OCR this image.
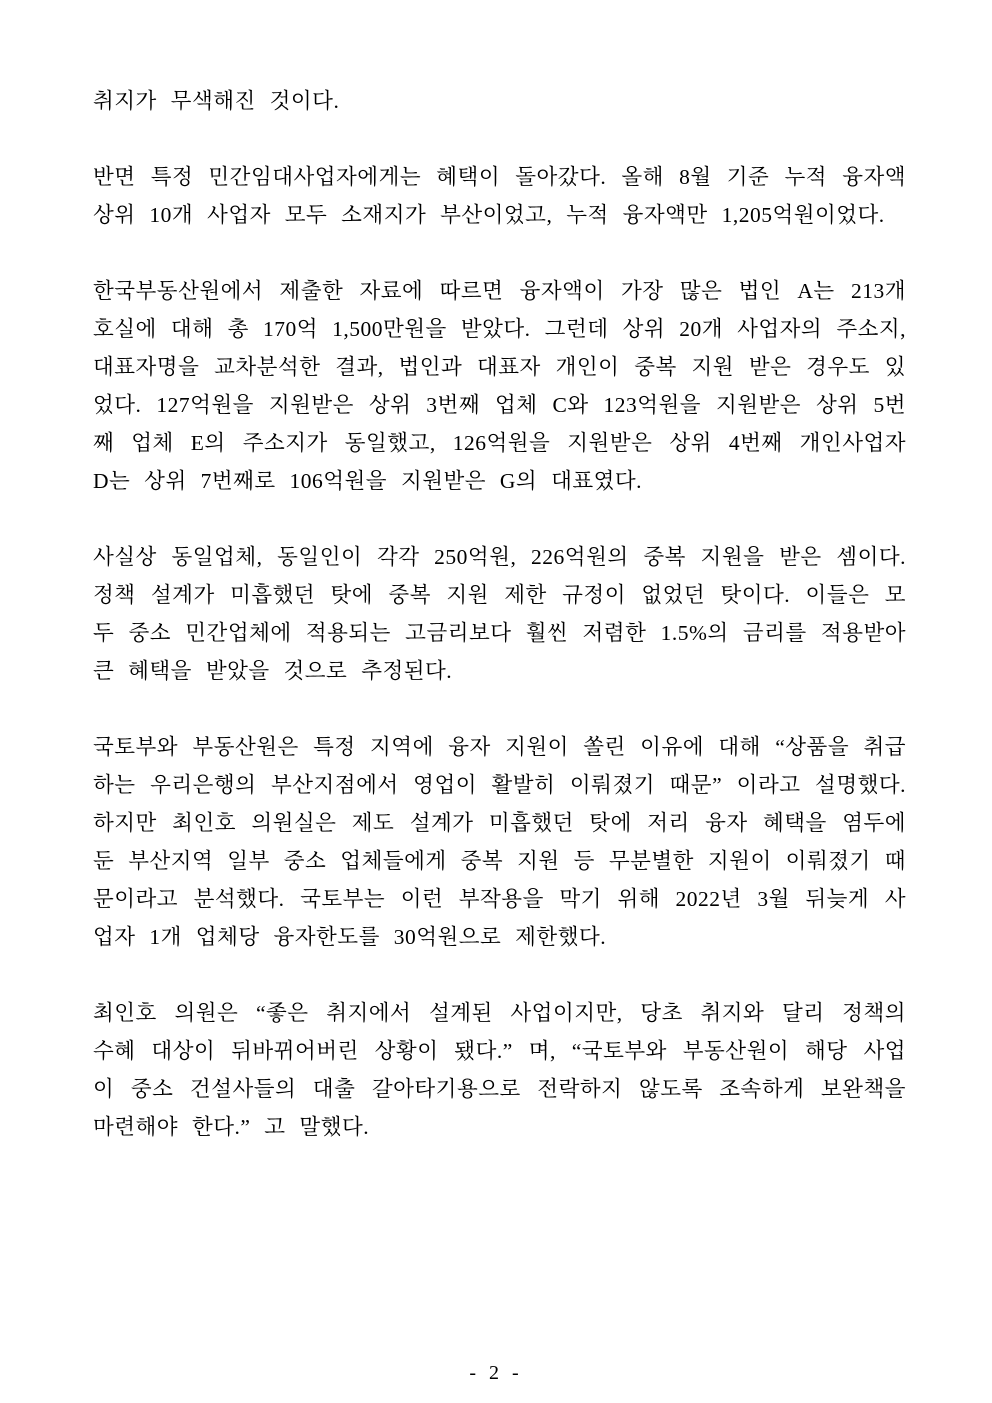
취지가 무색해진 것이다.

반면 특정 민간임대사업자에게는 혜택이 돌아갔다. 올해 8월 기준 누적 융자액 상위 10개 사업자 모두 소재지가 부산이었고, 누적 융자액만 1,205억원이었다.

한국부동산원에서 제출한 자료에 따르면 융자액이 가장 많은 법인 A는 213개 호실에 대해 총 170억 1,500만원을 받았다. 그런데 상위 20개 사업자의 주소지, 대표자명을 교차분석한 결과, 법인과 대표자 개인이 중복 지원 받은 경우도 있었다. 127억원을 지원받은 상위 3번째 업체 C와 123억원을 지원받은 상위 5번째 업체 E의 주소지가 동일했고, 126억원을 지원받은 상위 4번째 개인사업자 D는 상위 7번째로 106억원을 지원받은 G의 대표였다.

사실상 동일업체, 동일인이 각각 250억원, 226억원의 중복 지원을 받은 셈이다. 정책 설계가 미흡했던 탓에 중복 지원 제한 규정이 없었던 탓이다. 이들은 모두 중소 민간업체에 적용되는 고금리보다 훨씬 저렴한 1.5%의 금리를 적용받아 큰 혜택을 받았을 것으로 추정된다.

국토부와 부동산원은 특정 지역에 융자 지원이 쏠린 이유에 대해 “상품을 취급하는 우리은행의 부산지점에서 영업이 활발히 이뤄졌기 때문” 이라고 설명했다. 하지만 최인호 의원실은 제도 설계가 미흡했던 탓에 저리 융자 혜택을 염두에 둔 부산지역 일부 중소 업체들에게 중복 지원 등 무분별한 지원이 이뤄졌기 때문이라고 분석했다. 국토부는 이런 부작용을 막기 위해 2022년 3월 뒤늦게 사업자 1개 업체당 융자한도를 30억원으로 제한했다.

최인호 의원은 “좋은 취지에서 설계된 사업이지만, 당초 취지와 달리 정책의 수혜 대상이 뒤바뀌어버린 상황이 됐다.” 며, “국토부와 부동산원이 해당 사업이 중소 건설사들의 대출 갈아타기용으로 전락하지 않도록 조속하게 보완책을 마련해야 한다.” 고 말했다.

- 2 -
